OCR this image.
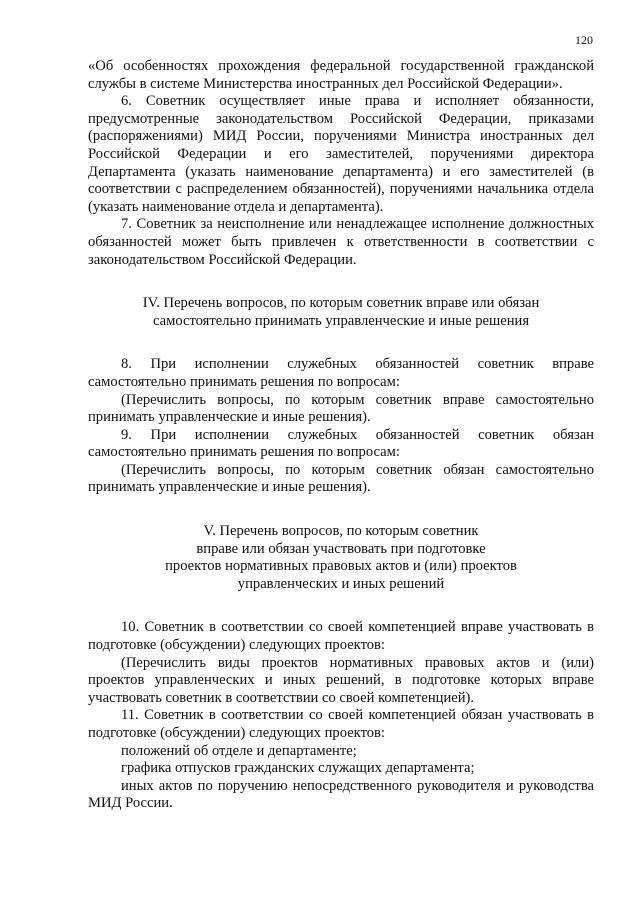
120

«Об особенностях прохождения федеральной государственной гражданской службы в системе Министерства иностранных дел Российской Федерации».

6. Советник осуществляет иные права и исполняет обязанности, предусмотренные законодательством Российской Федерации, приказами (распоряжениями) МИД России, поручениями Министра иностранных дел Российской Федерации и его заместителей, поручениями директора Департамента (указать наименование департамента) и его заместителей (в соответствии с распределением обязанностей), поручениями начальника отдела (указать наименование отдела и департамента).

7. Советник за неисполнение или ненадлежащее исполнение должностных обязанностей может быть привлечен к ответственности в соответствии с законодательством Российской Федерации.

IV. Перечень вопросов, по которым советник вправе или обязан
самостоятельно принимать управленческие и иные решения

8. При исполнении служебных обязанностей советник вправе самостоятельно принимать решения по вопросам:

(Перечислить вопросы, по которым советник вправе самостоятельно принимать управленческие и иные решения).

9. При исполнении служебных обязанностей советник обязан самостоятельно принимать решения по вопросам:

(Перечислить вопросы, по которым советник обязан самостоятельно принимать управленческие и иные решения).

V. Перечень вопросов, по которым советник
вправе или обязан участвовать при подготовке
проектов нормативных правовых актов и (или) проектов
управленческих и иных решений

10. Советник в соответствии со своей компетенцией вправе участвовать в подготовке (обсуждении) следующих проектов:

(Перечислить виды проектов нормативных правовых актов и (или) проектов управленческих и иных решений, в подготовке которых вправе участвовать советник в соответствии со своей компетенцией).

11. Советник в соответствии со своей компетенцией обязан участвовать в подготовке (обсуждении) следующих проектов:

положений об отделе и департаменте;

графика отпусков гражданских служащих департамента;

иных актов по поручению непосредственного руководителя и руководства МИД России.
